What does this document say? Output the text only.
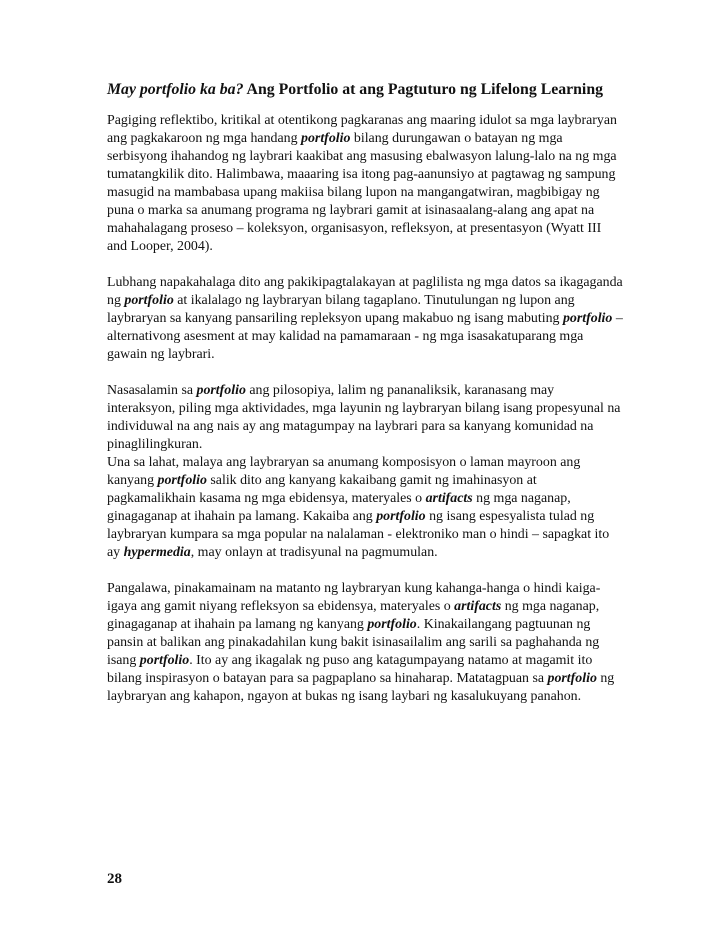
May portfolio ka ba? Ang Portfolio at ang Pagtuturo ng Lifelong Learning

Pagiging reflektibo, kritikal at otentikong pagkaranas ang maaring idulot sa mga laybraryan ang pagkakaroon ng mga handang portfolio bilang durungawan o batayan ng mga serbisyong ihahandog ng laybrari kaakibat ang masusing ebalwasyon lalung-lalo na ng mga tumatangkilik dito. Halimbawa, maaaring isa itong pag-aanunsiyo at pagtawag ng sampung masugid na mambabasa upang makiisa bilang lupon na mangangatwiran, magbibigay ng puna o marka sa anumang programa ng laybrari gamit at isinasaalang-alang ang apat na mahahalagang proseso – koleksyon, organisasyon, refleksyon, at presentasyon (Wyatt III and Looper, 2004).

Lubhang napakahalaga dito ang pakikipagtalakayan at paglilista ng mga datos sa ikagaganda ng portfolio at ikalalago ng laybraryan bilang tagaplano. Tinutulungan ng lupon ang laybraryan sa kanyang pansariling repleksyon upang makabuo ng isang mabuting portfolio – alternativong asesment at may kalidad na pamamaraan - ng mga isasakatuparang mga gawain ng laybrari.

Nasasalamin sa portfolio ang pilosopiya, lalim ng pananaliksik, karanasang may interaksyon, piling mga aktividades, mga layunin ng laybraryan bilang isang propesyunal na individuwal na ang nais ay ang matagumpay na laybrari para sa kanyang komunidad na pinaglilingkuran.

Una sa lahat, malaya ang laybraryan sa anumang komposisyon o laman mayroon ang kanyang portfolio salik dito ang kanyang kakaibang gamit ng imahinasyon at pagkamalikhain kasama ng mga ebidensya, materyales o artifacts ng mga naganap, ginagaganap at ihahain pa lamang. Kakaiba ang portfolio ng isang espesyalista tulad ng laybraryan kumpara sa mga popular na nalalaman - elektroniko man o hindi – sapagkat ito ay hypermedia, may onlayn at tradisyunal na pagmumulan.

Pangalawa, pinakamainam na matanto ng laybraryan kung kahanga-hanga o hindi kaiga-igaya ang gamit niyang refleksyon sa ebidensya, materyales o artifacts ng mga naganap, ginagaganap at ihahain pa lamang ng kanyang portfolio. Kinakailangang pagtuunan ng pansin at balikan ang pinakadahilan kung bakit isinasailalim ang sarili sa paghahanda ng isang portfolio. Ito ay ang ikagalak ng puso ang katagumpayang natamo at magamit ito bilang inspirasyon o batayan para sa pagpaplano sa hinaharap. Matatagpuan sa portfolio ng laybraryan ang kahapon, ngayon at bukas ng isang laybari ng kasalukuyang panahon.

28
